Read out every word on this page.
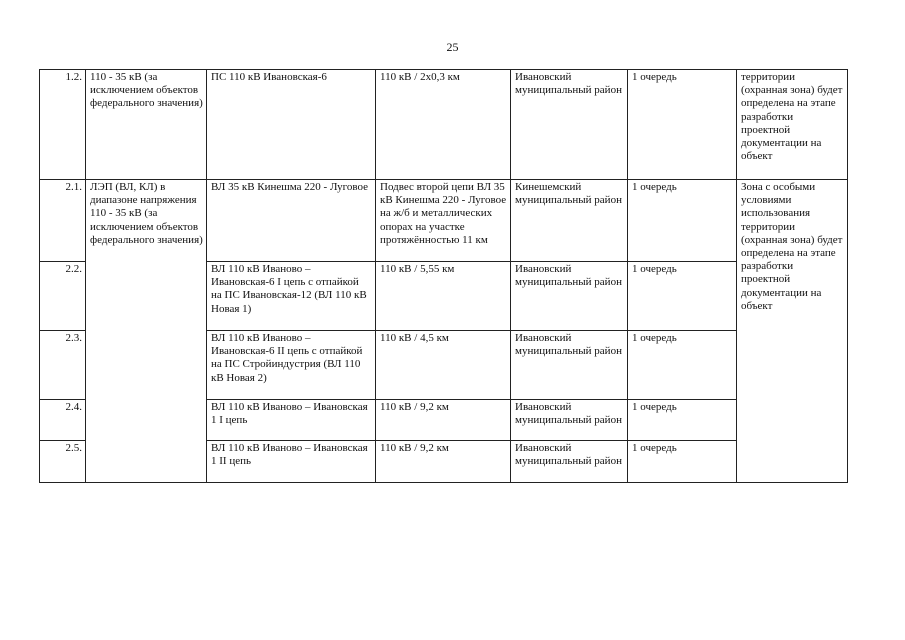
25
1.2.	110 - 35 кВ (за исключением объектов федерального значения)	ПС 110 кВ Ивановская-6	110 кВ / 2х0,3 км	Ивановский муниципальный район	1 очередь	территории (охранная зона) будет определена на этапе разработки проектной документации на объект
2.1.	ЛЭП (ВЛ, КЛ) в диапазоне напряжения 110 - 35 кВ (за исключением объектов федерального значения)	ВЛ 35 кВ Кинешма 220 - Луговое	Подвес второй цепи ВЛ 35 кВ Кинешма 220 - Луговое на ж/б и металлических опорах на участке протяжённостью 11 км	Кинешемский муниципальный район	1 очередь	Зона с особыми условиями использования территории (охранная зона) будет определена на этапе разработки проектной документации на объект
2.2.		ВЛ 110 кВ Иваново – Ивановская-6 I цепь с отпайкой на ПС Ивановская-12 (ВЛ 110 кВ Новая 1)	110 кВ / 5,55 км	Ивановский муниципальный район	1 очередь	
2.3.		ВЛ 110 кВ Иваново – Ивановская-6 II цепь с отпайкой на ПС Стройиндустрия (ВЛ 110 кВ Новая 2)	110 кВ / 4,5 км	Ивановский муниципальный район	1 очередь	
2.4.		ВЛ 110 кВ Иваново – Ивановская 1 I цепь	110 кВ / 9,2 км	Ивановский муниципальный район	1 очередь	
2.5.		ВЛ 110 кВ Иваново – Ивановская 1 II цепь	110 кВ / 9,2 км	Ивановский муниципальный район	1 очередь	
